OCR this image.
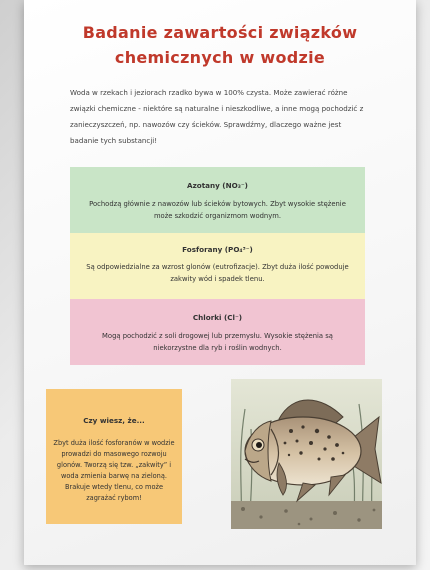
Badanie zawartości związków
chemicznych w wodzie
Woda w rzekach i jeziorach rzadko bywa w 100% czysta. Może zawierać różne związki chemiczne - niektóre są naturalne i nieszkodliwe, a inne mogą pochodzić z zanieczyszczeń, np. nawozów czy ścieków. Sprawdźmy, dlaczego ważne jest badanie tych substancji!
Azotany (NO₃⁻)
Pochodzą głównie z nawozów lub ścieków bytowych. Zbyt wysokie stężenie może szkodzić organizmom wodnym.
Fosforany (PO₄³⁻)
Są odpowiedzialne za wzrost glonów (eutrofizacje). Zbyt duża ilość powoduje zakwity wód i spadek tlenu.
Chlorki (Cl⁻)
Mogą pochodzić z soli drogowej lub przemysłu. Wysokie stężenia są niekorzystne dla ryb i roślin wodnych.
Czy wiesz, że...
Zbyt duża ilość fosforanów w wodzie prowadzi do masowego rozwoju glonów. Tworzą się tzw. „zakwity” i woda zmienia barwę na zieloną. Brakuje wtedy tlenu, co może zagrażać rybom!
